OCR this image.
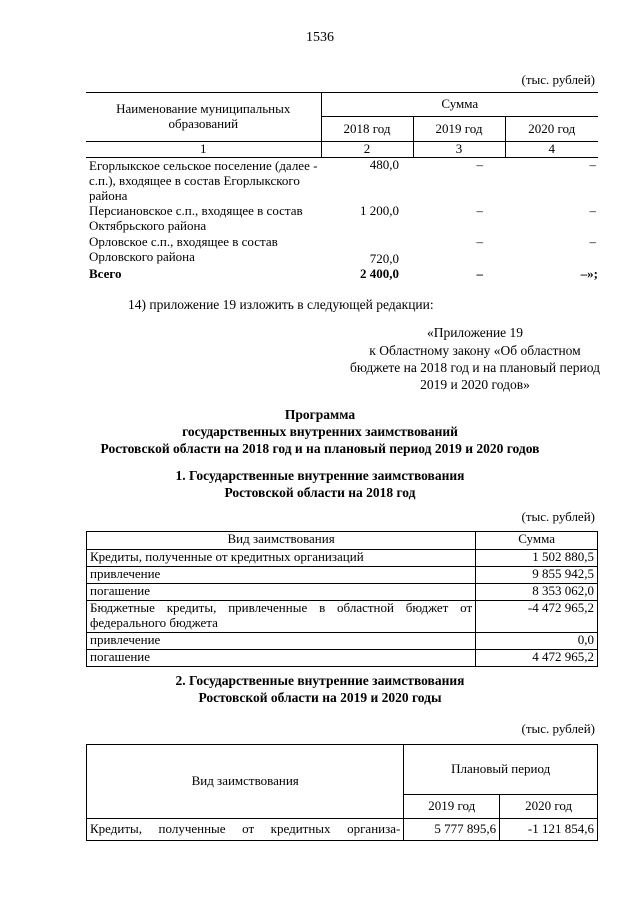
1536
(тыс. рублей)
Наименование муниципальных образований	Сумма		
	2018 год	2019 год	2020 год
1	2	3	4
Егорлыкское сельское поселение (далее - с.п.), входящее в состав Егорлыкского района	480,0	–	–
Персиановское с.п., входящее в состав Октябрьского района	1 200,0	–	–
Орловское с.п., входящее в состав Орловского района	720,0	–	–
Всего	2 400,0	–	–»;
14) приложение 19 изложить в следующей редакции:
«Приложение 19
к Областному закону «Об областном бюджете на 2018 год и на плановый период 2019 и 2020 годов»
Программа
государственных внутренних заимствований
Ростовской области на 2018 год и на плановый период 2019 и 2020 годов
1. Государственные внутренние заимствования
Ростовской области на 2018 год
(тыс. рублей)
Вид заимствования	Сумма
Кредиты, полученные от кредитных организаций	1 502 880,5
привлечение	9 855 942,5
погашение	8 353 062,0
Бюджетные кредиты, привлеченные в областной бюджет от федерального бюджета	-4 472 965,2
привлечение	0,0
погашение	4 472 965,2
2. Государственные внутренние заимствования
Ростовской области на 2019 и 2020 годы
(тыс. рублей)
Вид заимствования	Плановый период	
	2019 год	2020 год
Кредиты, полученные от кредитных организа-	5 777 895,6	-1 121 854,6
